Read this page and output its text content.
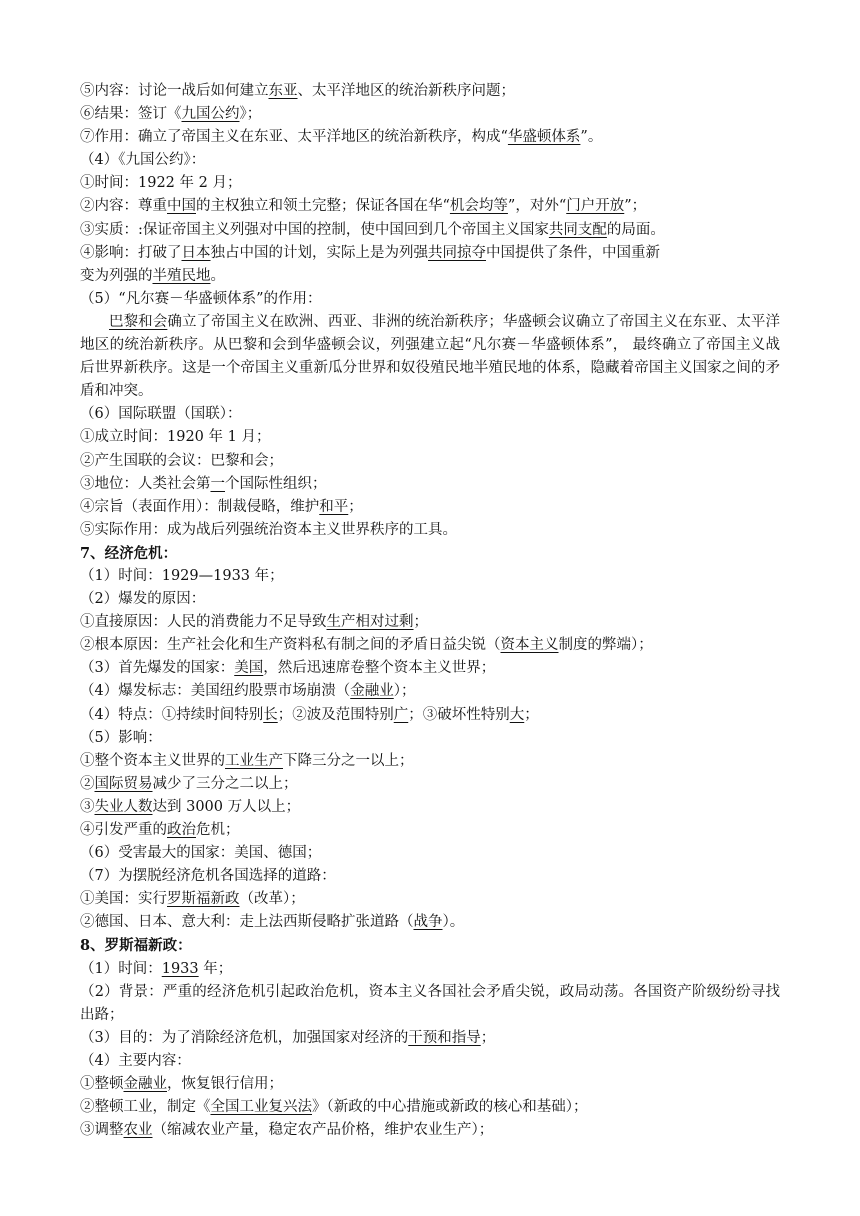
⑤内容：讨论一战后如何建立东亚、太平洋地区的统治新秩序问题；
⑥结果：签订《九国公约》；
⑦作用：确立了帝国主义在东亚、太平洋地区的统治新秩序，构成“华盛顿体系”。
（4）《九国公约》：
①时间：1922 年 2 月；
②内容：尊重中国的主权独立和领土完整；保证各国在华“机会均等”，对外“门户开放”；
③实质：:保证帝国主义列强对中国的控制，使中国回到几个帝国主义国家共同支配的局面。
④影响：打破了日本独占中国的计划，实际上是为列强共同掠夺中国提供了条件，中国重新
变为列强的半殖民地。
（5）“凡尔赛－华盛顿体系”的作用：
巴黎和会确立了帝国主义在欧洲、西亚、非洲的统治新秩序；华盛顿会议确立了帝国主义在东亚、太平洋地区的统治新秩序。从巴黎和会到华盛顿会议，列强建立起“凡尔赛－华盛顿体系”， 最终确立了帝国主义战后世界新秩序。这是一个帝国主义重新瓜分世界和奴役殖民地半殖民地的体系，隐藏着帝国主义国家之间的矛盾和冲突。
（6）国际联盟（国联）：
①成立时间：1920 年 1 月；
②产生国联的会议：巴黎和会；
③地位：人类社会第一个国际性组织；
④宗旨（表面作用）：制裁侵略，维护和平；
⑤实际作用：成为战后列强统治资本主义世界秩序的工具。
7、经济危机：
（1）时间：1929—1933 年；
（2）爆发的原因：
①直接原因：人民的消费能力不足导致生产相对过剩；
②根本原因：生产社会化和生产资料私有制之间的矛盾日益尖锐（资本主义制度的弊端）；
（3）首先爆发的国家：美国，然后迅速席卷整个资本主义世界；
（4）爆发标志：美国纽约股票市场崩溃（金融业）；
（4）特点：①持续时间特别长；②波及范围特别广；③破坏性特别大；
（5）影响：
①整个资本主义世界的工业生产下降三分之一以上；
②国际贸易减少了三分之二以上；
③失业人数达到 3000 万人以上；
④引发严重的政治危机；
（6）受害最大的国家：美国、德国；
（7）为摆脱经济危机各国选择的道路：
①美国：实行罗斯福新政（改革）；
②德国、日本、意大利：走上法西斯侵略扩张道路（战争）。
8、罗斯福新政：
（1）时间：1933 年；
（2）背景：严重的经济危机引起政治危机，资本主义各国社会矛盾尖锐，政局动荡。各国资产阶级纷纷寻找出路；
（3）目的：为了消除经济危机，加强国家对经济的干预和指导；
（4）主要内容：
①整顿金融业，恢复银行信用；
②整顿工业，制定《全国工业复兴法》（新政的中心措施或新政的核心和基础）；
③调整农业（缩减农业产量，稳定农产品价格，维护农业生产）；
